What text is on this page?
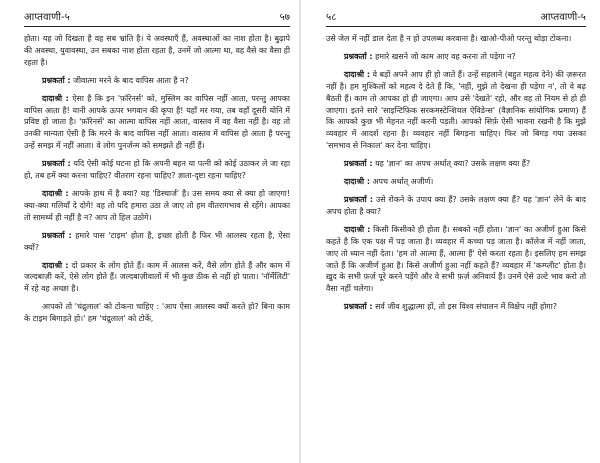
आप्तवाणी-५	५७

होता। यह जो दिखता है वह सब भ्रांति है। ये अवस्थाएँ हैं, अवस्थाओं का नाश होता है। बुढ़ापे की अवस्था, युवावस्था, उन सबका नाश होता रहता है, उनमें जो आत्मा था, वह वैसे का वैसा ही रहता है।

प्रश्नकर्ता : जीवात्मा मरने के बाद वापिस आता है न?

दादाश्री : ऐसा है कि इन 'फ़ॉरेनर्स' को, मुस्लिम का वापिस नहीं आता, परन्तु आपका वापिस आता है! यानी आपके ऊपर भगवान की कृपा है! यहाँ मर गया, तब वहाँ दूसरी योनि में प्रविष्ट हो जाता है। 'फ़ॉरेनर्स' का आत्मा वापिस नहीं आता, वास्तव में वह वैसा नहीं है। वह तो उनकी मान्यता ऐसी है कि मरने के बाद वापिस नहीं आता। वास्तव में वापिस हो आता है परन्तु उन्हें समझ में नहीं आता। वे लोग पुनर्जन्म को समझते ही नहीं हैं।

प्रश्नकर्ता : यदि ऐसी कोई घटना हो कि अपनी बहन या पत्नी को कोई उठाकर ले जा रहा हो, तब हमें क्या करना चाहिए? वीतराग रहना चाहिए? ज्ञाता-दृष्टा रहना चाहिए?

दादाश्री : आपके हाथ में है क्या? यह 'डिस्चार्ज' है। उस समय क्या से क्या हो जाएगा! क्या-क्या गलियाँ दे दोगे! वह तो यदि हमारा उठा ले जाए तो हम वीतरागभाव से रहेंगे। आपका तो सामर्थ्य ही नहीं है न? आप तो हिल उठोगे।

प्रश्नकर्ता : हमारे पास 'टाइम' होता है, इच्छा होती है फिर भी आलस्य रहता है, ऐसा क्यों?

दादाश्री : दो प्रकार के लोग होते हैं। काम में आलस करें, वैसे लोग होते हैं और काम में जल्दबाज़ी करें, ऐसे लोग होते हैं। जल्दबाज़ीवालों में भी कुछ ठीक से नहीं हो पाता। 'नॉर्मेलिटी' में रहे वह अच्छा है।

आपको तो 'चंद्रुलाल' को टोकना चाहिए : 'आप ऐसा आलस्य क्यों करते हो? बिना काम के टाइम बिगाड़ते हो।' हम 'चंद्रुलाल' को टोकें,

५८	आप्तवाणी-५

उसे जेल में नहीं डाल देता है न हो उपलब्ध करवाना है। खाओ-पीओ परन्तु थोड़ा टोकना।

प्रश्नकर्ता : हमारे खसने जो काम आए वह करना तो पड़ेगा न?

दादाश्री : वे बड़ों अपने आप ही हो जाते हैं। उन्हें सहलाने (बहुत महत्व देने) की ज़रूरत नहीं है। हम मुश्किलों को महत्व दे देते हैं कि, 'नहीं, मुझे तो देखना ही पड़ेगा न', तो वे बढ़ बैठती हैं। काम तो आपका हो ही जाएगा। आप उसे 'देखते' रहो, और वह तो नियम से हो ही जाएगा। इतने सारे 'साइन्टिफ़िक सरकमस्टेन्शियल ऐविडेन्स' (वैज्ञानिक सांयोगिक प्रमाण) हैं कि आपको कुछ भी मेहनत नहीं करनी पड़ती। आपको सिर्फ़ ऐसी भावना रखनी है कि मुझे व्यवहार में आदर्श रहना है। व्यवहार नहीं बिगड़ना चाहिए। फिर जो बिगड़ गया उसका 'समभाव से निकाल' कर देना चाहिए।

प्रश्नकर्ता : यह 'ज्ञान' का अपच अर्थात् क्या? उसके लक्षण क्या हैं?

दादाश्री : अपच अर्थात् अजीर्ण।

प्रश्नकर्ता : उसे रोकने के उपाय क्या हैं? उसके लक्षण क्या हैं? यह 'ज्ञान' लेने के बाद अपच होता है क्या?

दादाश्री : किसी किसीको ही होता है। सबको नहीं होता। 'ज्ञान' का अजीर्ण हुआ किसे कहते है कि एक पक्ष में पड़ जाता है। व्यवहार में कच्चा पड़ जाता है। कॉलेज में नहीं जाता, जाए तो ध्यान नहीं देता। 'हम तो आत्मा हैं, आत्मा हैं' ऐसे करता रहता है। इसलिए हम समझ जाते हैं कि अजीर्ण हुआ है। किसे अजीर्ण हुआ नहीं कहते हैं? व्यवहार में 'कम्प्लीट' होता है। ख़ुद के सभी फ़र्ज़ पूरे करने पड़ेंगे और वे सभी फ़र्ज़ अनिवार्य हैं। उनमें ऐसे उल्टे भाव करो तो वैसा नहीं चलेगा।

प्रश्नकर्ता : सर्व जीव शुद्धात्मा हों, तो इस विश्व संचालन में विक्षेप नहीं होगा?
